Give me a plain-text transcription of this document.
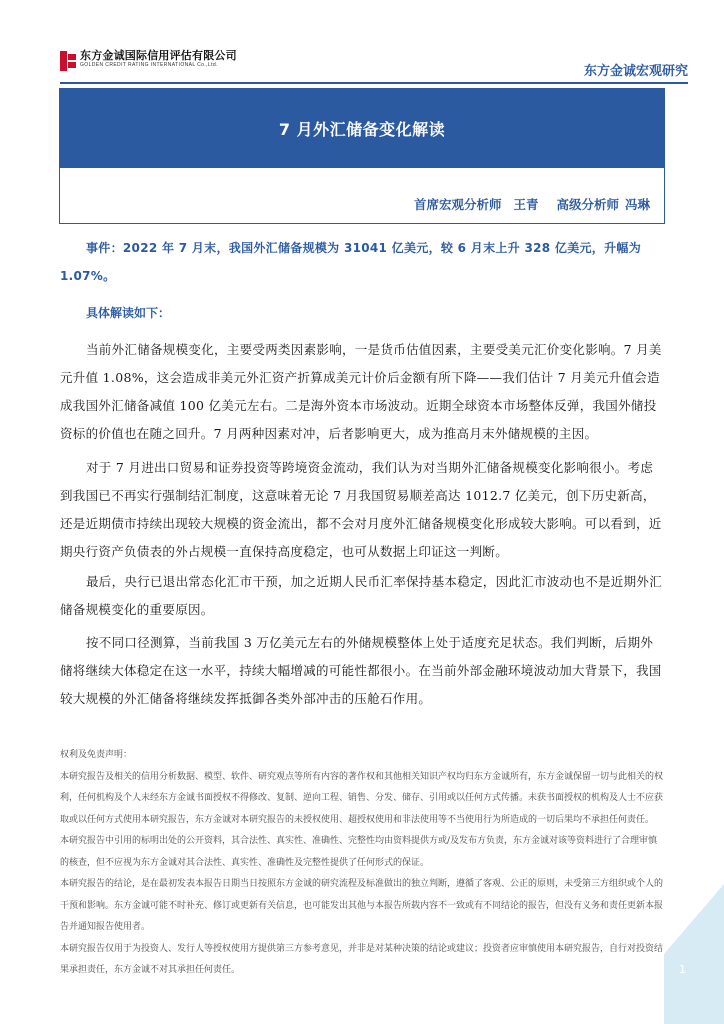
东方金诚国际信用评估有限公司
GOLDEN CREDIT RATING INTERNATIONAL Co.,Ltd.	东方金诚宏观研究
7 月外汇储备变化解读
首席宏观分析师 王青 高级分析师 冯琳
事件：2022 年 7 月末，我国外汇储备规模为 31041 亿美元，较 6 月末上升 328 亿美元，升幅为 1.07%。
具体解读如下：

当前外汇储备规模变化，主要受两类因素影响，一是货币估值因素，主要受美元汇价变化影响。7 月美元升值 1.08%，这会造成非美元外汇资产折算成美元计价后金额有所下降——我们估计 7 月美元升值会造成我国外汇储备减值 100 亿美元左右。二是海外资本市场波动。近期全球资本市场整体反弹，我国外储投资标的价值也在随之回升。7 月两种因素对冲，后者影响更大，成为推高月末外储规模的主因。

对于 7 月进出口贸易和证券投资等跨境资金流动，我们认为对当期外汇储备规模变化影响很小。考虑到我国已不再实行强制结汇制度，这意味着无论 7 月我国贸易顺差高达 1012.7 亿美元，创下历史新高，还是近期债市持续出现较大规模的资金流出，都不会对月度外汇储备规模变化形成较大影响。可以看到，近期央行资产负债表的外占规模一直保持高度稳定，也可从数据上印证这一判断。

最后，央行已退出常态化汇市干预，加之近期人民币汇率保持基本稳定，因此汇市波动也不是近期外汇储备规模变化的重要原因。

按不同口径测算，当前我国 3 万亿美元左右的外储规模整体上处于适度充足状态。我们判断，后期外储将继续大体稳定在这一水平，持续大幅增减的可能性都很小。在当前外部金融环境波动加大背景下，我国较大规模的外汇储备将继续发挥抵御各类外部冲击的压舱石作用。

权利及免责声明：

本研究报告及相关的信用分析数据、模型、软件、研究观点等所有内容的著作权和其他相关知识产权均归东方金诚所有，东方金诚保留一切与此相关的权利，任何机构及个人未经东方金诚书面授权不得修改、复制、逆向工程、销售、分发、储存、引用或以任何方式传播。未获书面授权的机构及人士不应获取或以任何方式使用本研究报告，东方金诚对本研究报告的未授权使用、超授权使用和非法使用等不当使用行为所造成的一切后果均不承担任何责任。

本研究报告中引用的标明出处的公开资料，其合法性、真实性、准确性、完整性均由资料提供方或/及发布方负责，东方金诚对该等资料进行了合理审慎的核查，但不应视为东方金诚对其合法性、真实性、准确性及完整性提供了任何形式的保证。

本研究报告的结论，是在最初发表本报告日期当日按照东方金诚的研究流程及标准做出的独立判断，遵循了客观、公正的原则，未受第三方组织或个人的干预和影响。东方金诚可能不时补充、修订或更新有关信息，也可能发出其他与本报告所载内容不一致或有不同结论的报告，但没有义务和责任更新本报告并通知报告使用者。

本研究报告仅用于为投资人、发行人等授权使用方提供第三方参考意见，并非是对某种决策的结论或建议；投资者应审慎使用本研究报告，自行对投资结果承担责任，东方金诚不对其承担任何责任。	1
